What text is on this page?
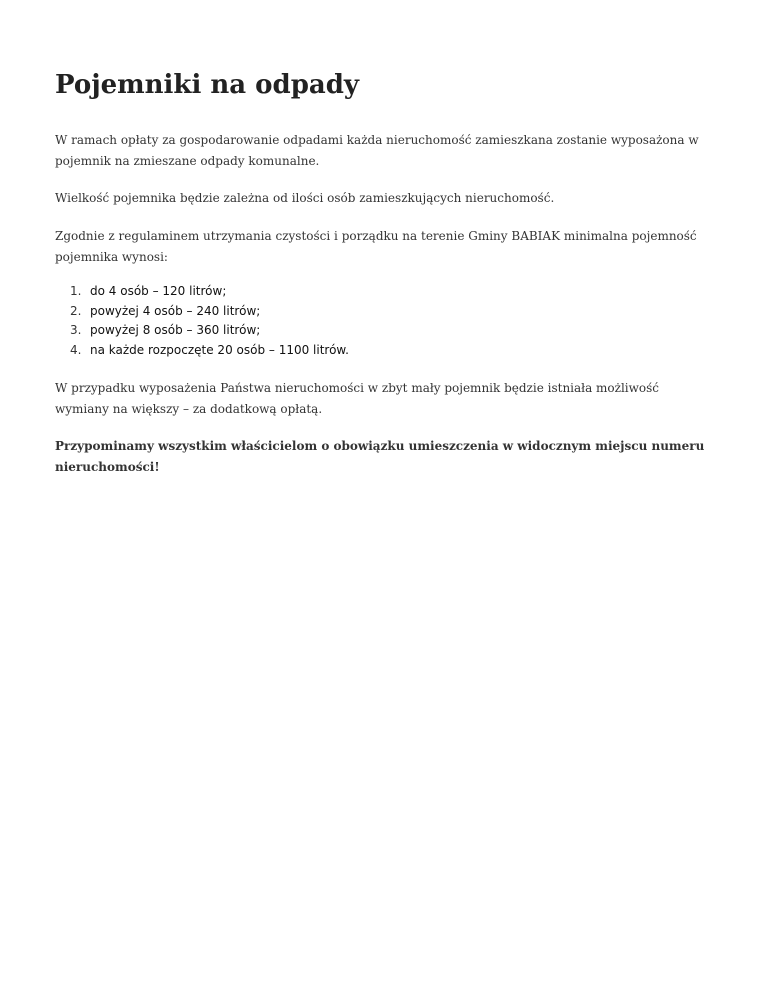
Pojemniki na odpady

W ramach opłaty za gospodarowanie odpadami każda nieruchomość zamieszkana zostanie wyposażona w pojemnik na zmieszane odpady komunalne.

Wielkość pojemnika będzie zależna od ilości osób zamieszkujących nieruchomość.

Zgodnie z regulaminem utrzymania czystości i porządku na terenie Gminy BABIAK minimalna pojemność pojemnika wynosi:

1. do 4 osób – 120 litrów;
2. powyżej 4 osób – 240 litrów;
3. powyżej 8 osób – 360 litrów;
4. na każde rozpoczęte 20 osób – 1100 litrów.

W przypadku wyposażenia Państwa nieruchomości w zbyt mały pojemnik będzie istniała możliwość wymiany na większy – za dodatkową opłatą.

Przypominamy wszystkim właścicielom o obowiązku umieszczenia w widocznym miejscu numeru nieruchomości!
